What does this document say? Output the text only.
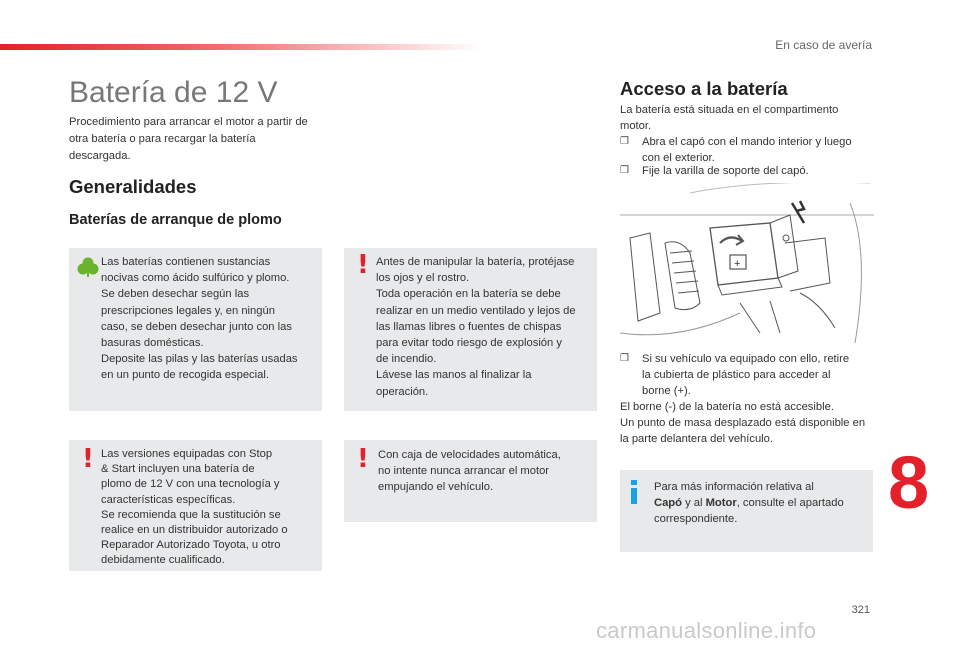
En caso de avería
Batería de 12 V
Procedimiento para arrancar el motor a partir de otra batería o para recargar la batería descargada.
Generalidades
Baterías de arranque de plomo
Las baterías contienen sustancias
nocivas como ácido sulfúrico y plomo.
Se deben desechar según las
prescripciones legales y, en ningún
caso, se deben desechar junto con las
basuras domésticas.
Deposite las pilas y las baterías usadas
en un punto de recogida especial.
! Antes de manipular la batería, protéjase
los ojos y el rostro.
Toda operación en la batería se debe
realizar en un medio ventilado y lejos de
las llamas libres o fuentes de chispas
para evitar todo riesgo de explosión y
de incendio.
Lávese las manos al finalizar la
operación.
! Las versiones equipadas con Stop
& Start incluyen una batería de
plomo de 12 V con una tecnología y
características específicas.
Se recomienda que la sustitución se
realice en un distribuidor autorizado o
Reparador Autorizado Toyota, u otro
debidamente cualificado.
! Con caja de velocidades automática,
no intente nunca arrancar el motor
empujando el vehículo.
Acceso a la batería
La batería está situada en el compartimento motor.
❐ Abra el capó con el mando interior y luego
con el exterior.
❐ Fije la varilla de soporte del capó.
+
❐ Si su vehículo va equipado con ello, retire
la cubierta de plástico para acceder al
borne (+).
El borne (-) de la batería no está accesible.
Un punto de masa desplazado está disponible en la parte delantera del vehículo.
Para más información relativa al
Capó y al Motor, consulte el apartado
correspondiente.	8
321
carmanualsonline.info
